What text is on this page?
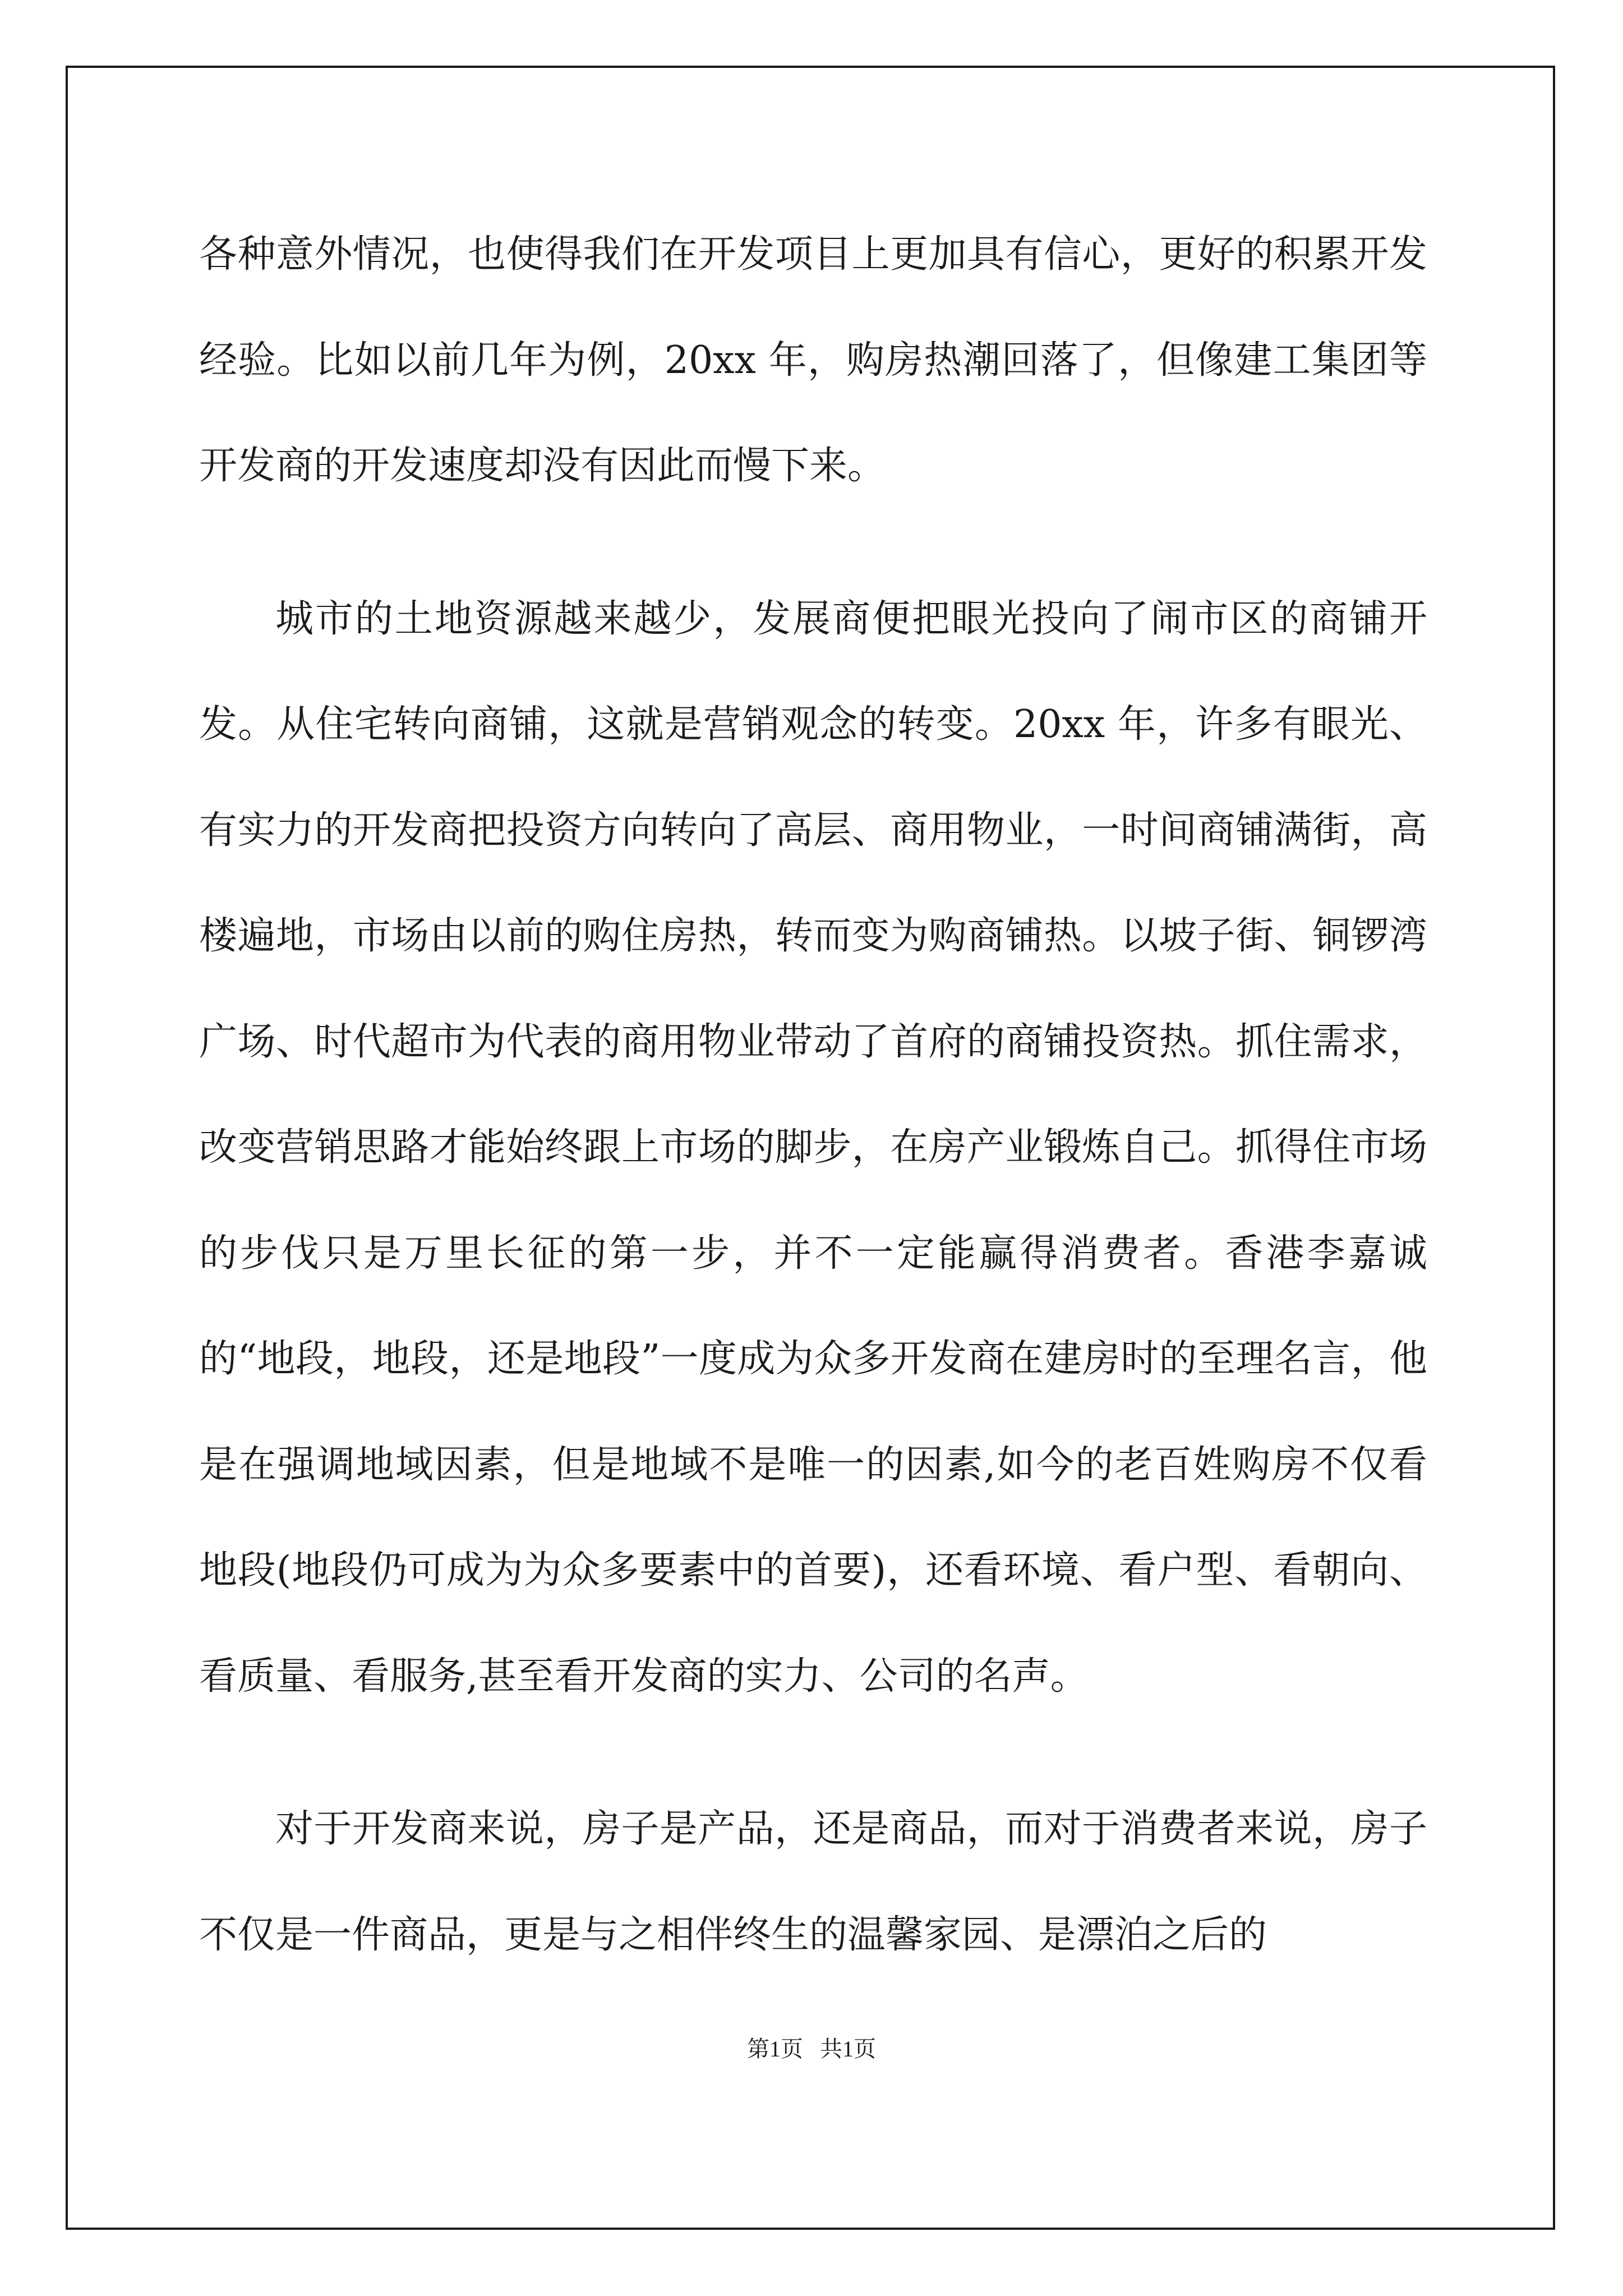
各种意外情况，也使得我们在开发项目上更加具有信心，更好的积累开发经验。比如以前几年为例，20xx 年，购房热潮回落了，但像建工集团等开发商的开发速度却没有因此而慢下来。

城市的土地资源越来越少，发展商便把眼光投向了闹市区的商铺开发。从住宅转向商铺，这就是营销观念的转变。20xx 年，许多有眼光、有实力的开发商把投资方向转向了高层、商用物业，一时间商铺满街，高楼遍地，市场由以前的购住房热，转而变为购商铺热。以坡子街、铜锣湾广场、时代超市为代表的商用物业带动了首府的商铺投资热。抓住需求，改变营销思路才能始终跟上市场的脚步，在房产业锻炼自己。抓得住市场的步伐只是万里长征的第一步，并不一定能赢得消费者。香港李嘉诚的“地段，地段，还是地段”一度成为众多开发商在建房时的至理名言，他是在强调地域因素，但是地域不是唯一的因素,如今的老百姓购房不仅看地段(地段仍可成为为众多要素中的首要)，还看环境、看户型、看朝向、看质量、看服务,甚至看开发商的实力、公司的名声。

对于开发商来说，房子是产品，还是商品，而对于消费者来说，房子不仅是一件商品，更是与之相伴终生的温馨家园、是漂泊之后的

第1页   共1页
